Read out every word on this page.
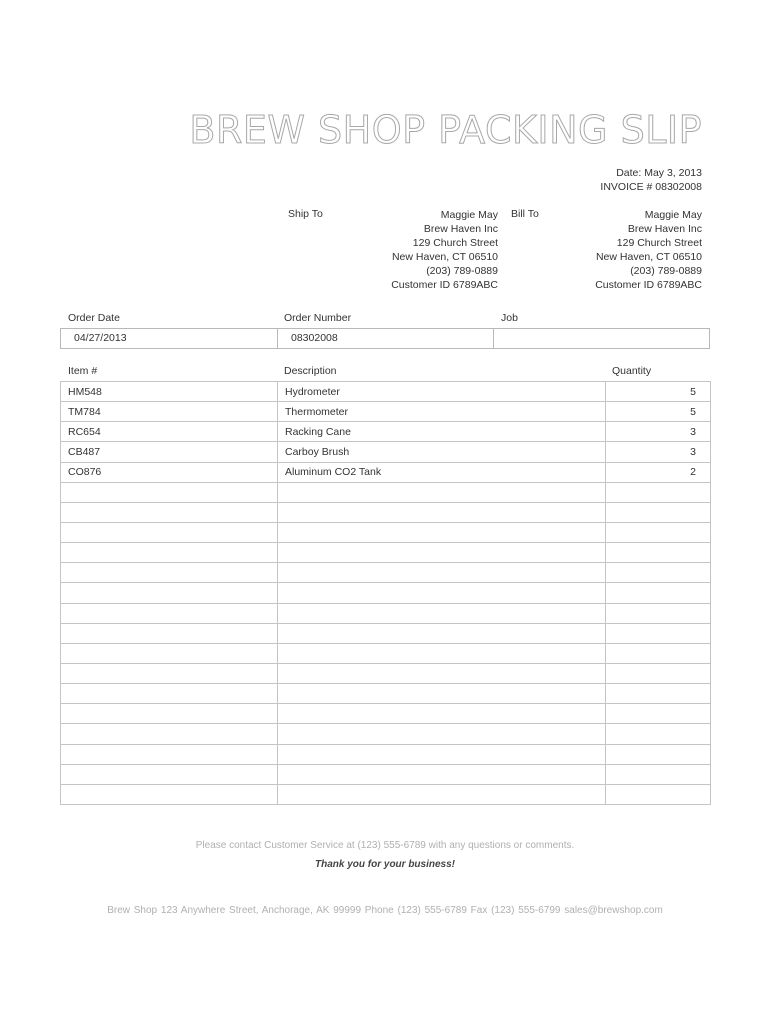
BREW SHOP PACKING SLIP
Date: May 3, 2013
INVOICE # 08302008
Ship To	Maggie May
Brew Haven Inc
129 Church Street
New Haven, CT 06510
(203) 789-0889
Customer ID 6789ABC
Bill To	Maggie May
Brew Haven Inc
129 Church Street
New Haven, CT 06510
(203) 789-0889
Customer ID 6789ABC
Order Date	Order Number	Job
04/27/2013	08302008
Item #	Description	Quantity
HM548	Hydrometer	5
TM784	Thermometer	5
RC654	Racking Cane	3
CB487	Carboy Brush	3
CO876	Aluminum CO2 Tank	2

Please contact Customer Service at (123) 555-6789 with any questions or comments.
Thank you for your business!
Brew Shop 123 Anywhere Street, Anchorage, AK 99999 Phone (123) 555-6789 Fax (123) 555-6799 sales@brewshop.com
